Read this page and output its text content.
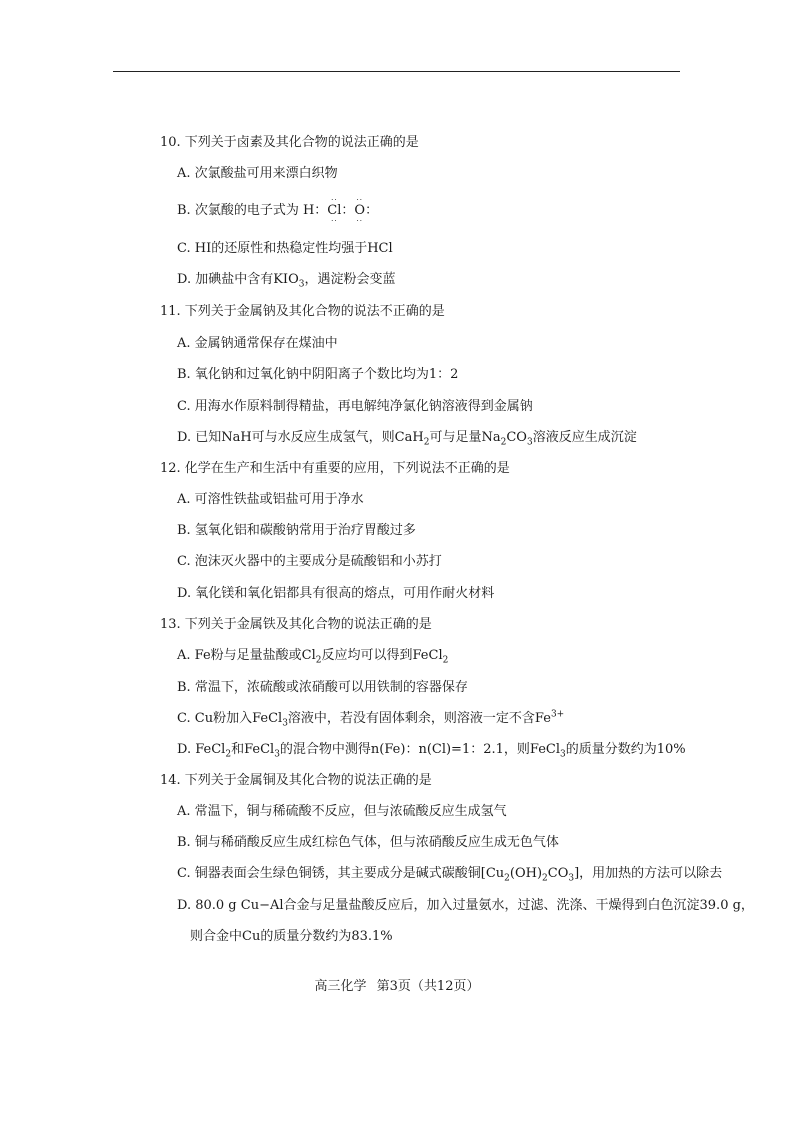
10. 下列关于卤素及其化合物的说法正确的是
A. 次氯酸盐可用来漂白织物
B. 次氯酸的电子式为 H：
··
Cl
··
：
··
O
··
：
C. HI的还原性和热稳定性均强于HCl
D. 加碘盐中含有$KIO_3$，遇淀粉会变蓝
11. 下列关于金属钠及其化合物的说法不正确的是
A. 金属钠通常保存在煤油中
B. 氧化钠和过氧化钠中阴阳离子个数比均为1：2
C. 用海水作原料制得精盐，再电解纯净氯化钠溶液得到金属钠
D. 已知NaH可与水反应生成氢气，则CaH$_2$可与足量$Na_2CO_3$溶液反应生成沉淀
12. 化学在生产和生活中有重要的应用，下列说法不正确的是
A. 可溶性铁盐或铝盐可用于净水
B. 氢氧化铝和碳酸钠常用于治疗胃酸过多
C. 泡沫灭火器中的主要成分是硫酸铝和小苏打
D. 氧化镁和氧化铝都具有很高的熔点，可用作耐火材料
13. 下列关于金属铁及其化合物的说法正确的是
A. Fe粉与足量盐酸或$Cl_2$反应均可以得到FeCl$_2$
B. 常温下，浓硫酸或浓硝酸可以用铁制的容器保存
C. Cu粉加入FeCl$_3$溶液中，若没有固体剩余，则溶液一定不含$Fe^{3+}$
D. FeCl$_2$和FeCl$_3$的混合物中测得n(Fe)：n(Cl)=1：2.1，则FeCl$_3$的质量分数约为10%
14. 下列关于金属铜及其化合物的说法正确的是
A. 常温下，铜与稀硫酸不反应，但与浓硫酸反应生成氢气
B. 铜与稀硝酸反应生成红棕色气体，但与浓硝酸反应生成无色气体
C. 铜器表面会生绿色铜锈，其主要成分是碱式碳酸铜$[Cu_2(OH)_2CO_3]$，用加热的方法可以除去
D. 80.0 g Cu−Al合金与足量盐酸反应后，加入过量氨水，过滤、洗涤、干燥得到白色沉淀39.0 g，
则合金中Cu的质量分数约为83.1%
高三化学 第3页（共12页）
